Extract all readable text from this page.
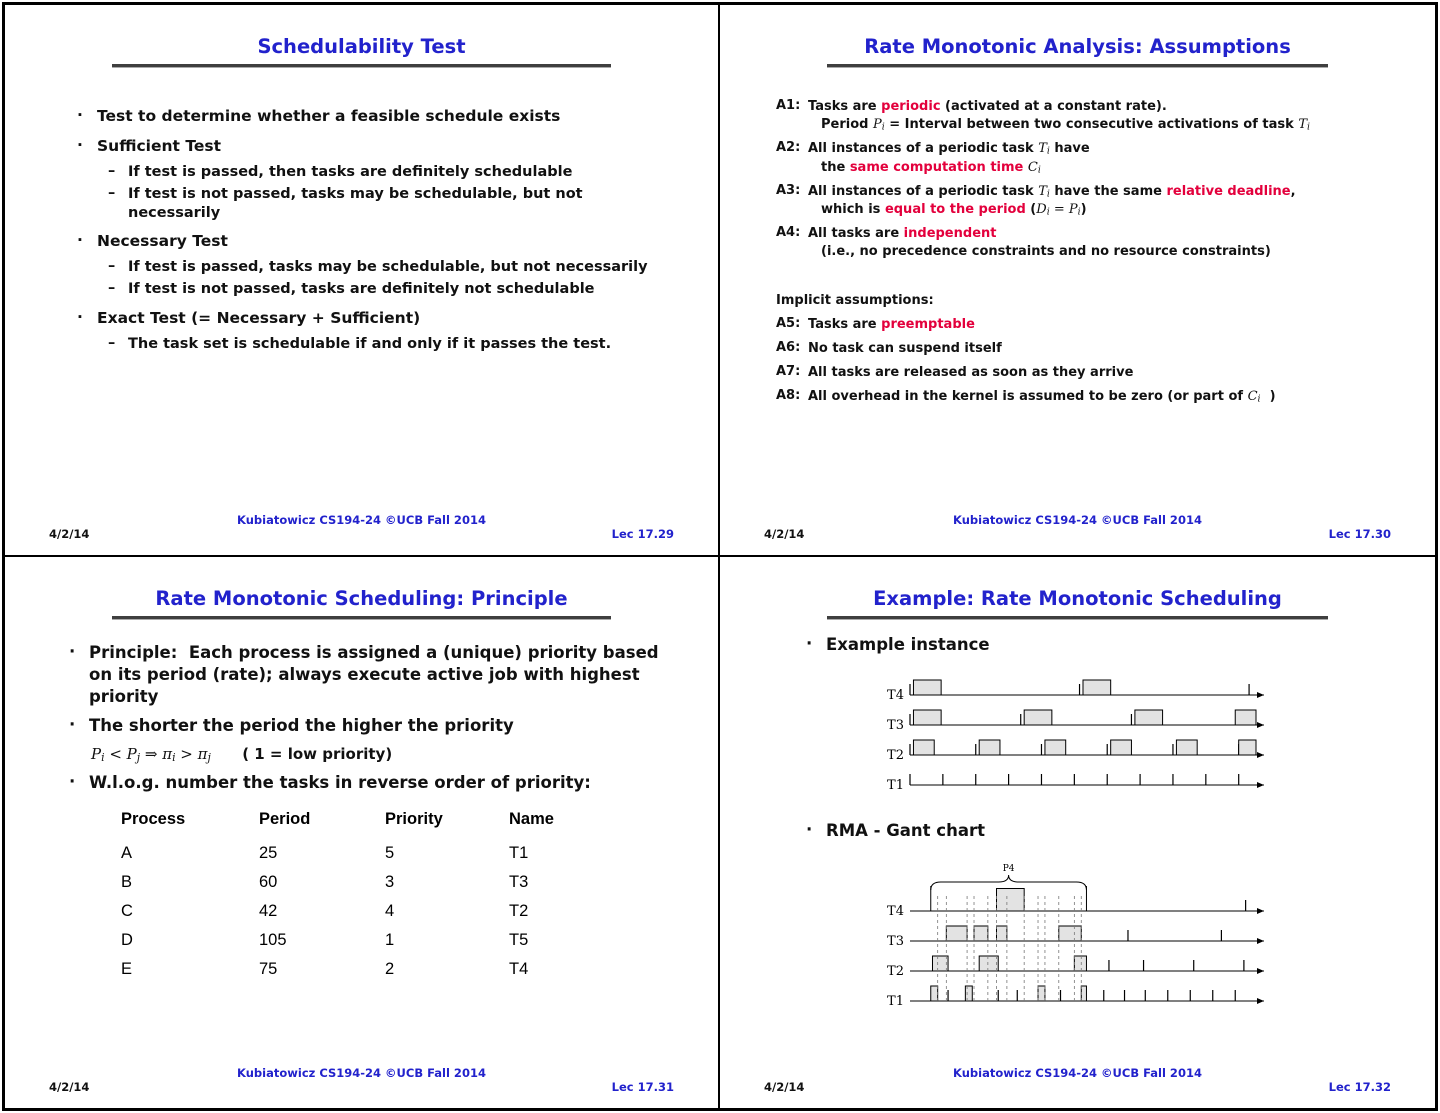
Schedulability Test
· Test to determine whether a feasible schedule exists
· Sufficient Test
– If test is passed, then tasks are definitely schedulable
– If test is not passed, tasks may be schedulable, but not necessarily
· Necessary Test
– If test is passed, tasks may be schedulable, but not necessarily
– If test is not passed, tasks are definitely not schedulable
· Exact Test (= Necessary + Sufficient)
– The task set is schedulable if and only if it passes the test.
Kubiatowicz CS194-24 ©UCB Fall 2014
4/2/14	Lec 17.29
Rate Monotonic Analysis: Assumptions
A1: Tasks are periodic (activated at a constant rate).
Period Pi = Interval between two consecutive activations of task Ti
A2: All instances of a periodic task Ti have
the same computation time Ci
A3: All instances of a periodic task Ti have the same relative deadline,
which is equal to the period (Di = Pi)
A4: All tasks are independent
(i.e., no precedence constraints and no resource constraints)
Implicit assumptions:
A5: Tasks are preemptable
A6: No task can suspend itself
A7: All tasks are released as soon as they arrive
A8: All overhead in the kernel is assumed to be zero (or part of Ci  )
Kubiatowicz CS194-24 ©UCB Fall 2014
4/2/14	Lec 17.30
Rate Monotonic Scheduling: Principle
· Principle:  Each process is assigned a (unique) priority based on its period (rate); always execute active job with highest priority
· The shorter the period the higher the priority
Pi < Pj ⇒ πi > πj      ( 1 = low priority)
· W.l.o.g. number the tasks in reverse order of priority:
Process	Period	Priority	Name
A	25	5	T1
B	60	3	T3
C	42	4	T2
D	105	1	T5
E	75	2	T4
Kubiatowicz CS194-24 ©UCB Fall 2014
4/2/14	Lec 17.31
Example: Rate Monotonic Scheduling
· Example instance
T4
T3
T2
T1
· RMA - Gant chart
T4
T3
T2
T1
P4
Kubiatowicz CS194-24 ©UCB Fall 2014
4/2/14	Lec 17.32
